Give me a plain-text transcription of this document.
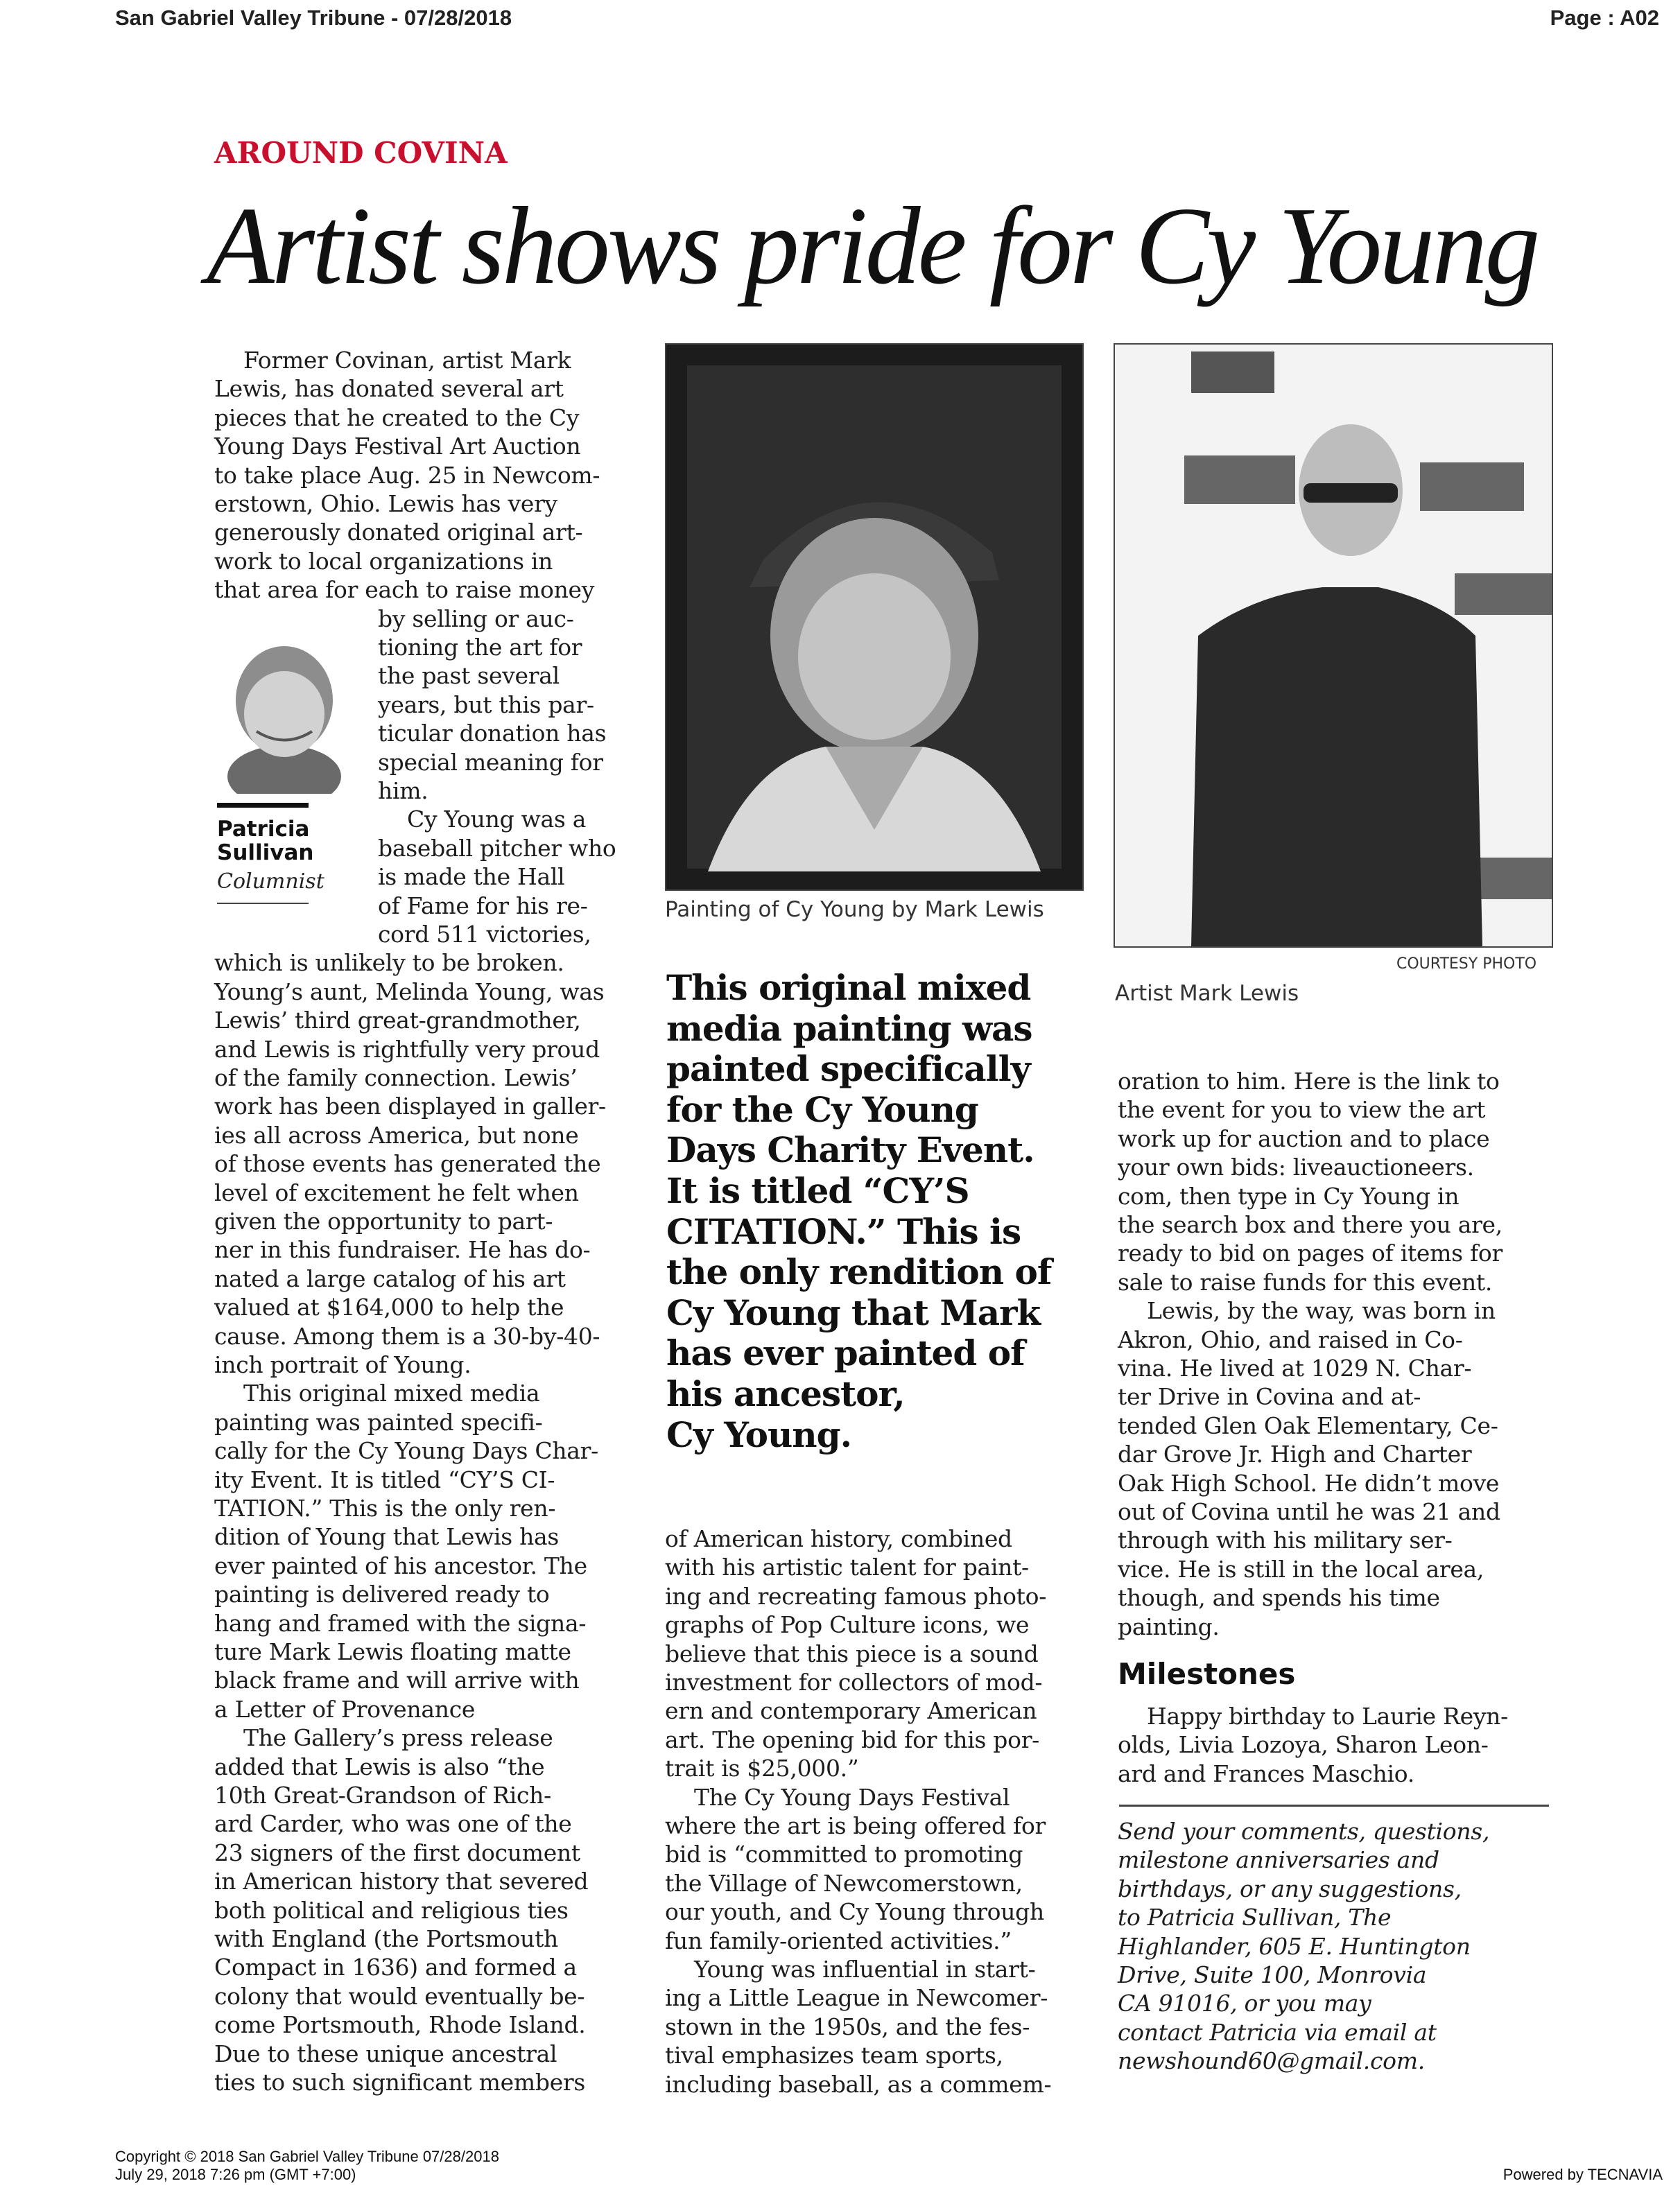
San Gabriel Valley Tribune - 07/28/2018	Page : A02
AROUND COVINA
Artist shows pride for Cy Young
Patricia
Sullivan
Columnist
Former Covinan, artist Mark
Lewis, has donated several art
pieces that he created to the Cy
Young Days Festival Art Auction
to take place Aug. 25 in Newcom-
erstown, Ohio. Lewis has very
generously donated original art-
work to local organizations in
that area for each to raise money
by selling or auc-
tioning the art for
the past several
years, but this par-
ticular donation has
special meaning for
him.
Cy Young was a
baseball pitcher who
is made the Hall
of Fame for his re-
cord 511 victories,
which is unlikely to be broken.
Young’s aunt, Melinda Young, was
Lewis’ third great-grandmother,
and Lewis is rightfully very proud
of the family connection. Lewis’
work has been displayed in galler-
ies all across America, but none
of those events has generated the
level of excitement he felt when
given the opportunity to part-
ner in this fundraiser. He has do-
nated a large catalog of his art
valued at $164,000 to help the
cause. Among them is a 30-by-40-
inch portrait of Young.
This original mixed media
painting was painted specifi-
cally for the Cy Young Days Char-
ity Event. It is titled “CY’S CI-
TATION.” This is the only ren-
dition of Young that Lewis has
ever painted of his ancestor. The
painting is delivered ready to
hang and framed with the signa-
ture Mark Lewis floating matte
black frame and will arrive with
a Letter of Provenance
The Gallery’s press release
added that Lewis is also “the
10th Great-Grandson of Rich-
ard Carder, who was one of the
23 signers of the first document
in American history that severed
both political and religious ties
with England (the Portsmouth
Compact in 1636) and formed a
colony that would eventually be-
come Portsmouth, Rhode Island.
Due to these unique ancestral
ties to such significant members
of American history, combined
with his artistic talent for paint-
ing and recreating famous photo-
graphs of Pop Culture icons, we
believe that this piece is a sound
investment for collectors of mod-
ern and contemporary American
art. The opening bid for this por-
trait is $25,000.”
The Cy Young Days Festival
where the art is being offered for
bid is “committed to promoting
the Village of Newcomerstown,
our youth, and Cy Young through
fun family-oriented activities.”
Young was influential in start-
ing a Little League in Newcomer-
stown in the 1950s, and the fes-
tival emphasizes team sports,
including baseball, as a commem-
oration to him. Here is the link to
the event for you to view the art
work up for auction and to place
your own bids: liveauctioneers.
com, then type in Cy Young in
the search box and there you are,
ready to bid on pages of items for
sale to raise funds for this event.
Lewis, by the way, was born in
Akron, Ohio, and raised in Co-
vina. He lived at 1029 N. Char-
ter Drive in Covina and at-
tended Glen Oak Elementary, Ce-
dar Grove Jr. High and Charter
Oak High School. He didn’t move
out of Covina until he was 21 and
through with his military ser-
vice. He is still in the local area,
though, and spends his time
painting.
This original mixed
media painting was
painted specifically
for the Cy Young
Days Charity Event.
It is titled “CY’S
CITATION.” This is
the only rendition of
Cy Young that Mark
has ever painted of
his ancestor,
Cy Young.
Painting of Cy Young by Mark Lewis
COURTESY PHOTO
Artist Mark Lewis
Milestones
Happy birthday to Laurie Reyn-
olds, Livia Lozoya, Sharon Leon-
ard and Frances Maschio.
Send your comments, questions,
milestone anniversaries and
birthdays, or any suggestions,
to Patricia Sullivan, The
Highlander, 605 E. Huntington
Drive, Suite 100, Monrovia
CA 91016, or you may
contact Patricia via email at
newshound60@gmail.com.
Copyright © 2018 San Gabriel Valley Tribune 07/28/2018
July 29, 2018 7:26 pm (GMT +7:00)	Powered by TECNAVIA
